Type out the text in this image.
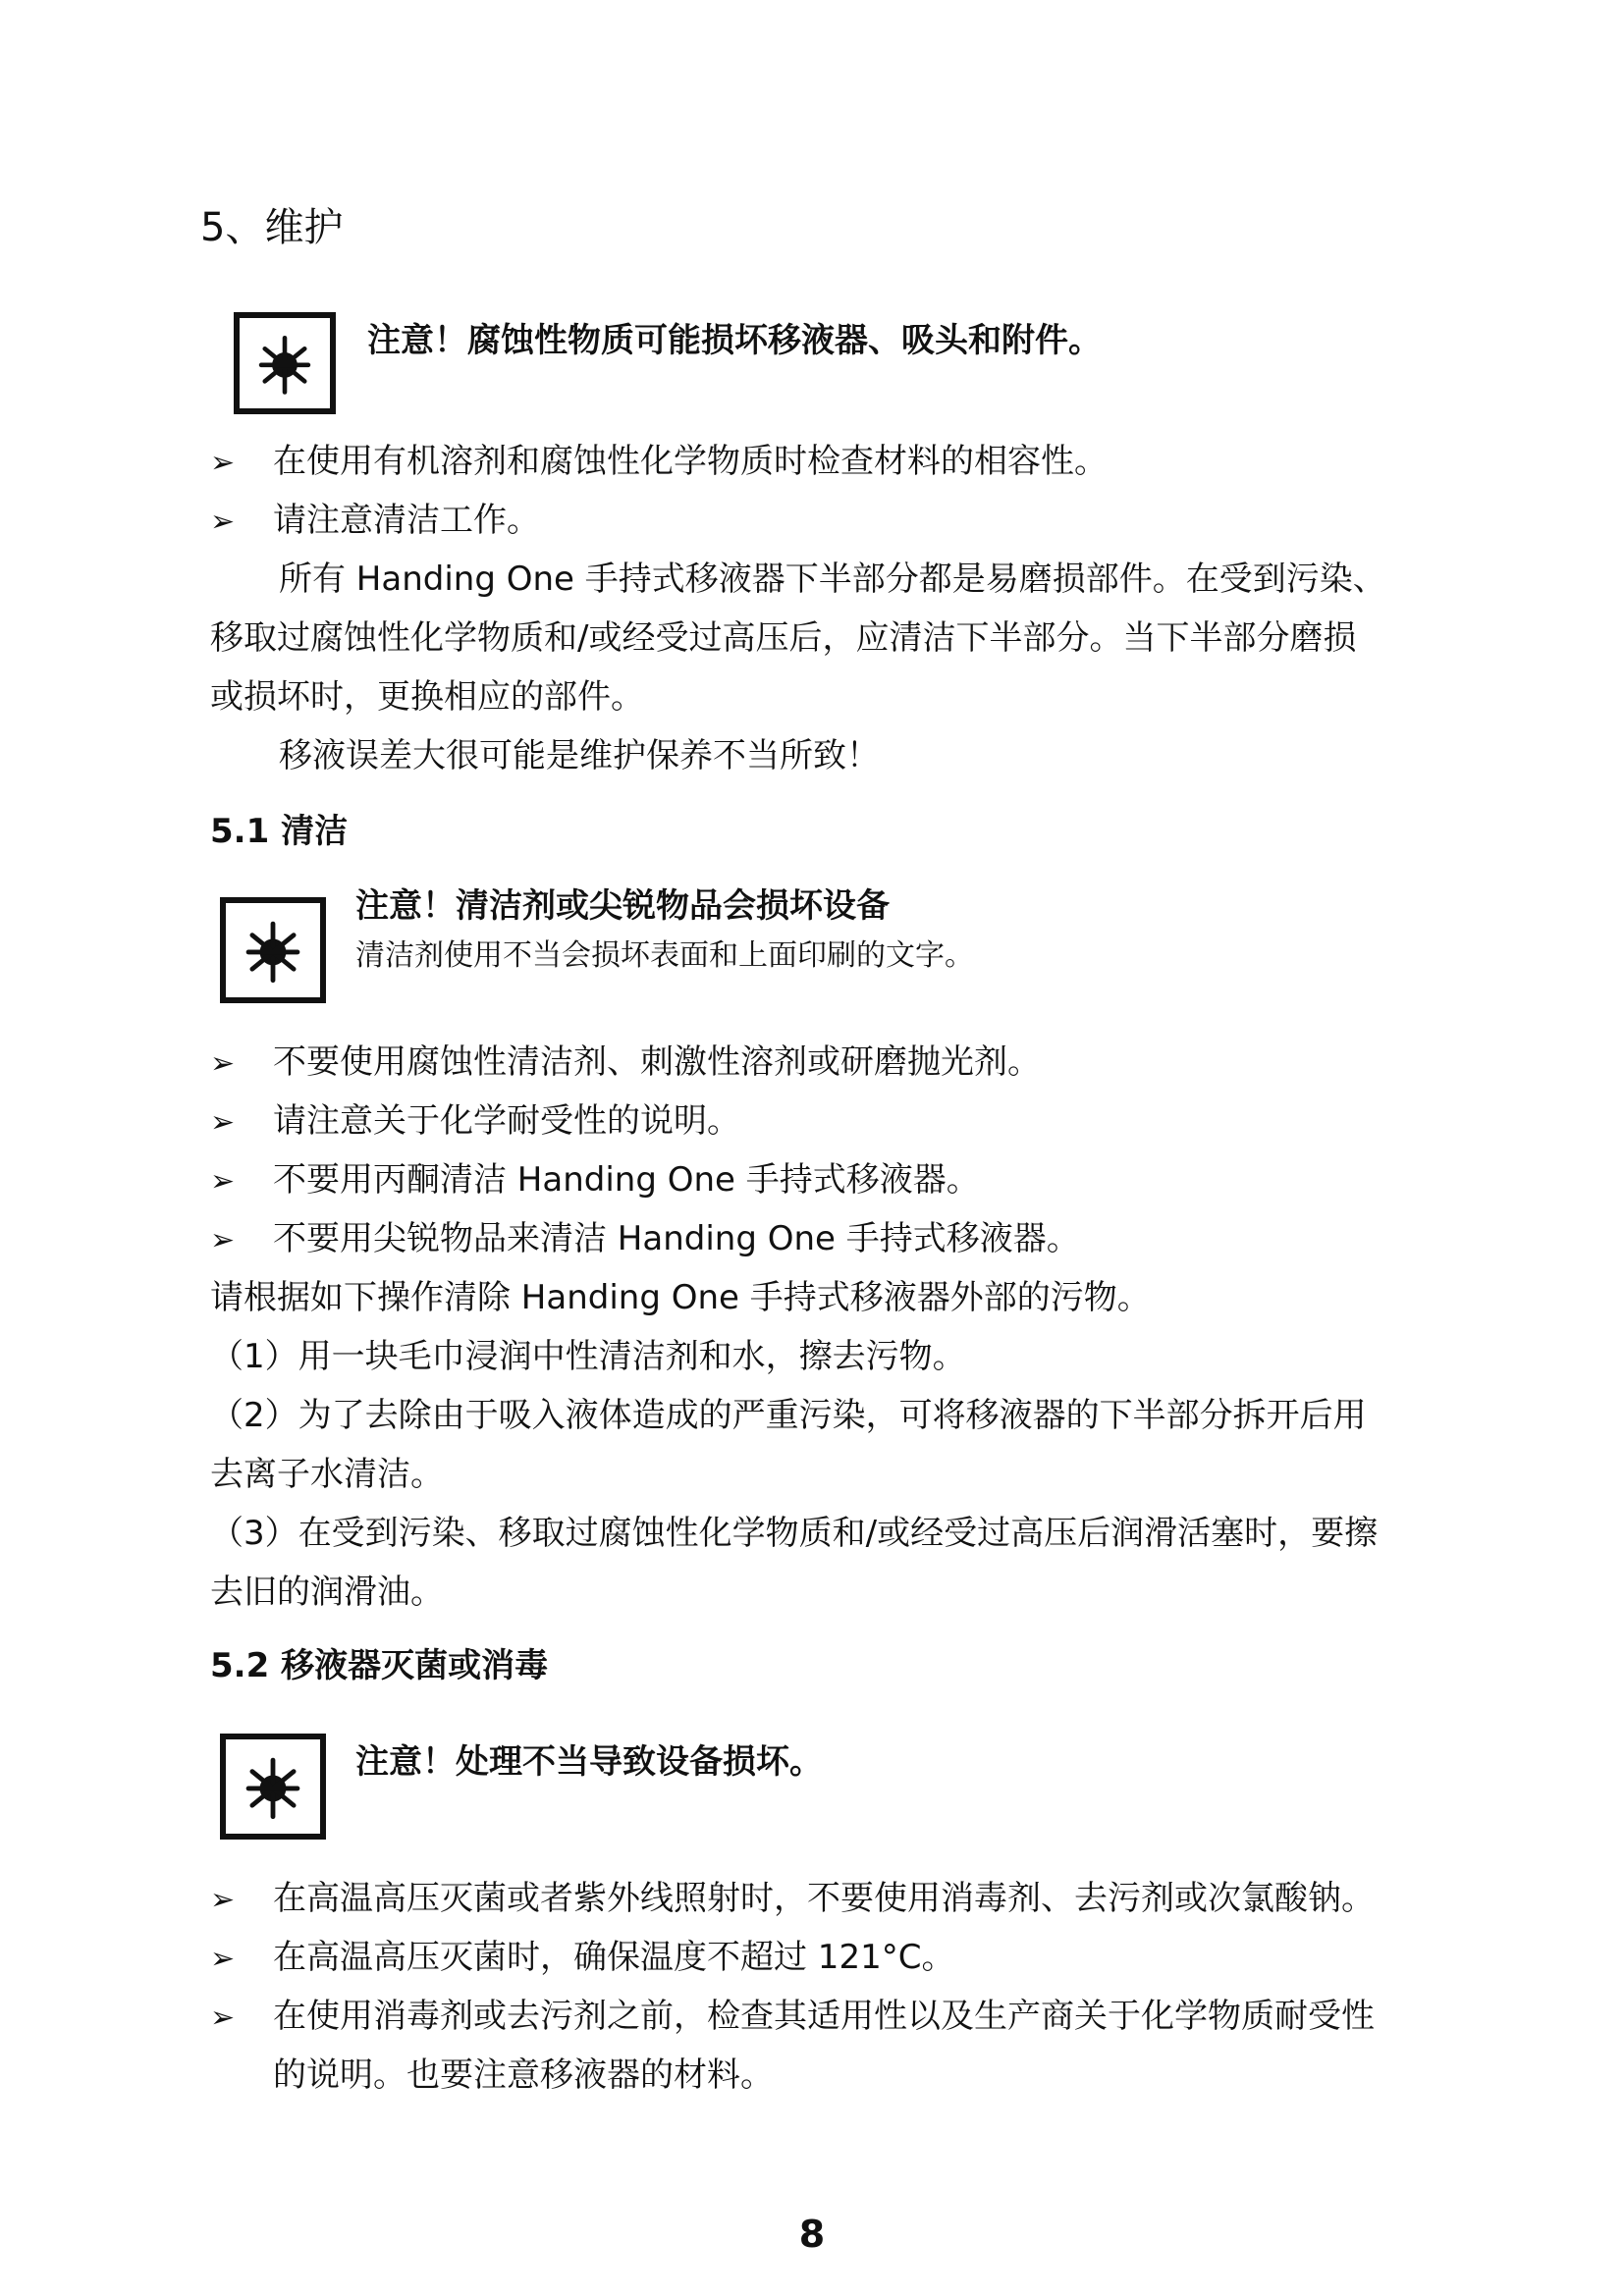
5、维护
注意！腐蚀性物质可能损坏移液器、吸头和附件。
➢ 在使用有机溶剂和腐蚀性化学物质时检查材料的相容性。
➢ 请注意清洁工作。
所有 Handing One 手持式移液器下半部分都是易磨损部件。在受到污染、
移取过腐蚀性化学物质和/或经受过高压后，应清洁下半部分。当下半部分磨损
或损坏时，更换相应的部件。
移液误差大很可能是维护保养不当所致！
5.1 清洁
注意！清洁剂或尖锐物品会损坏设备
清洁剂使用不当会损坏表面和上面印刷的文字。
➢ 不要使用腐蚀性清洁剂、刺激性溶剂或研磨抛光剂。
➢ 请注意关于化学耐受性的说明。
➢ 不要用丙酮清洁 Handing One 手持式移液器。
➢ 不要用尖锐物品来清洁 Handing One 手持式移液器。
请根据如下操作清除 Handing One 手持式移液器外部的污物。
（1）用一块毛巾浸润中性清洁剂和水，擦去污物。
（2）为了去除由于吸入液体造成的严重污染，可将移液器的下半部分拆开后用
去离子水清洁。
（3）在受到污染、移取过腐蚀性化学物质和/或经受过高压后润滑活塞时，要擦
去旧的润滑油。
5.2 移液器灭菌或消毒
注意！处理不当导致设备损坏。
➢ 在高温高压灭菌或者紫外线照射时，不要使用消毒剂、去污剂或次氯酸钠。
➢ 在高温高压灭菌时，确保温度不超过 121°C。
➢ 在使用消毒剂或去污剂之前，检查其适用性以及生产商关于化学物质耐受性
的说明。也要注意移液器的材料。
8
